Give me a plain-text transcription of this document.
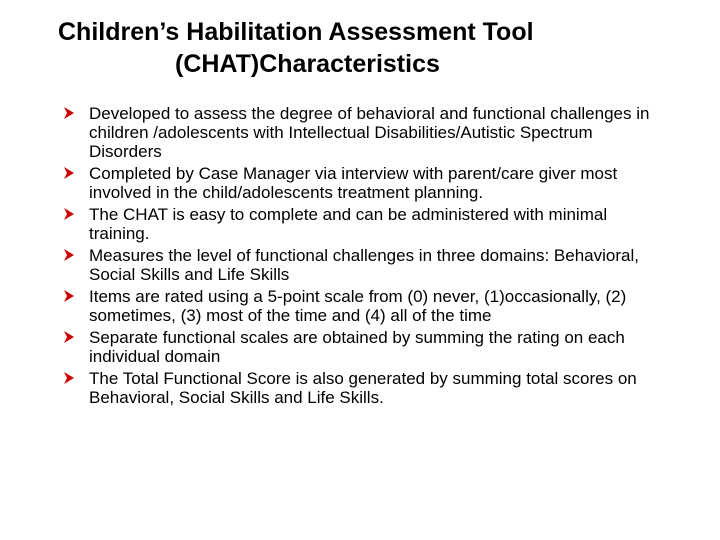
Children’s Habilitation Assessment Tool
(CHAT)Characteristics
Developed to assess the degree of behavioral and functional challenges in children /adolescents with Intellectual Disabilities/Autistic Spectrum Disorders
Completed by Case Manager via interview with parent/care giver most involved in the child/adolescents treatment planning.
The CHAT is easy to complete and can be administered with minimal training.
Measures the level of functional challenges in three domains: Behavioral, Social Skills and Life Skills
Items are rated using a 5-point scale from (0) never, (1)occasionally, (2) sometimes, (3) most of the time and (4) all of the time
Separate functional scales are obtained by summing the rating on each individual domain
The Total Functional Score is also generated by summing total scores on Behavioral, Social Skills and Life Skills.
